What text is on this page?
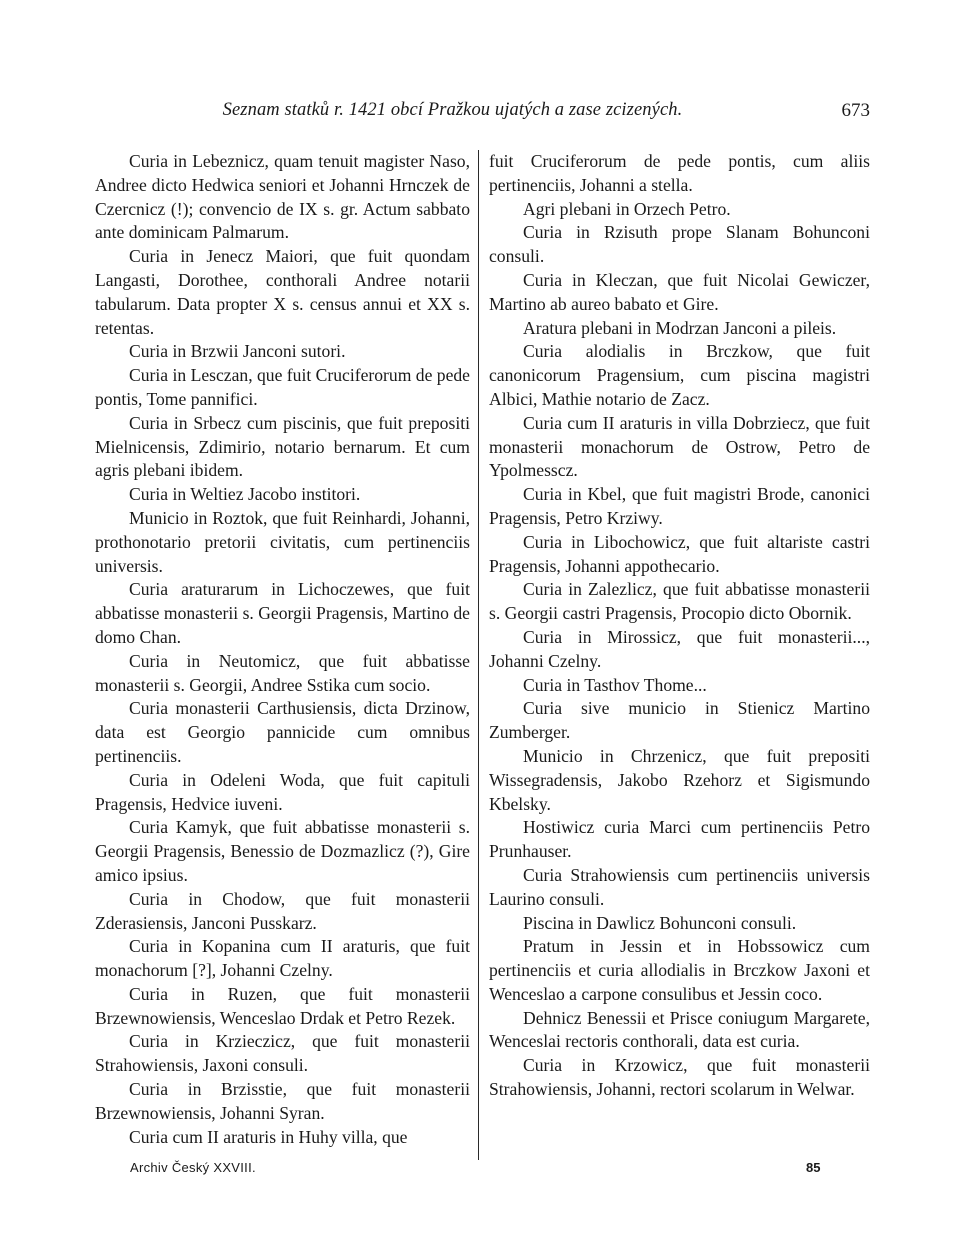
Seznam statků r. 1421 obcí Pražkou ujatých a zase zcizených.	673

Curia in Lebeznicz, quam tenuit magister Naso, Andree dicto Hedwica seniori et Johanni Hrnczek de Czercnicz (!); convencio de IX s. gr. Actum sabbato ante dominicam Palmarum.

Curia in Jenecz Maiori, que fuit quondam Langasti, Dorothee, conthorali Andree notarii tabularum. Data propter X s. census annui et XX s. retentas.

Curia in Brzwii Janconi sutori.

Curia in Lesczan, que fuit Cruciferorum de pede pontis, Tome pannifici.

Curia in Srbecz cum piscinis, que fuit prepositi Mielnicensis, Zdimirio, notario bernarum. Et cum agris plebani ibidem.

Curia in Weltiez Jacobo institori.

Municio in Roztok, que fuit Reinhardi, Johanni, prothonotario pretorii civitatis, cum pertinenciis universis.

Curia araturarum in Lichoczewes, que fuit abbatisse monasterii s. Georgii Pragensis, Martino de domo Chan.

Curia in Neutomicz, que fuit abbatisse monasterii s. Georgii, Andree Sstika cum socio.

Curia monasterii Carthusiensis, dicta Drzinow, data est Georgio pannicide cum omnibus pertinenciis.

Curia in Odeleni Woda, que fuit capituli Pragensis, Hedvice iuveni.

Curia Kamyk, que fuit abbatisse monasterii s. Georgii Pragensis, Benessio de Dozmazlicz (?), Gire amico ipsius.

Curia in Chodow, que fuit monasterii Zderasiensis, Janconi Pusskarz.

Curia in Kopanina cum II araturis, que fuit monachorum [?], Johanni Czelny.

Curia in Ruzen, que fuit monasterii Brzewnowiensis, Wenceslao Drdak et Petro Rezek.

Curia in Krzieczicz, que fuit monasterii Strahowiensis, Jaxoni consuli.

Curia in Brzisstie, que fuit monasterii Brzewnowiensis, Johanni Syran.

Curia cum II araturis in Huhy villa, que

fuit Cruciferorum de pede pontis, cum aliis pertinenciis, Johanni a stella.

Agri plebani in Orzech Petro.

Curia in Rzisuth prope Slanam Bohunconi consuli.

Curia in Kleczan, que fuit Nicolai Gewiczer, Martino ab aureo babato et Gire.

Aratura plebani in Modrzan Janconi a pileis.

Curia alodialis in Brczkow, que fuit canonicorum Pragensium, cum piscina magistri Albici, Mathie notario de Zacz.

Curia cum II araturis in villa Dobrziecz, que fuit monasterii monachorum de Ostrow, Petro de Ypolmesscz.

Curia in Kbel, que fuit magistri Brode, canonici Pragensis, Petro Krziwy.

Curia in Libochowicz, que fuit altariste castri Pragensis, Johanni appothecario.

Curia in Zalezlicz, que fuit abbatisse monasterii s. Georgii castri Pragensis, Procopio dicto Obornik.

Curia in Mirossicz, que fuit monasterii..., Johanni Czelny.

Curia in Tasthov Thome...

Curia sive municio in Stienicz Martino Zumberger.

Municio in Chrzenicz, que fuit prepositi Wissegradensis, Jakobo Rzehorz et Sigismundo Kbelsky.

Hostiwicz curia Marci cum pertinenciis Petro Prunhauser.

Curia Strahowiensis cum pertinenciis universis Laurino consuli.

Piscina in Dawlicz Bohunconi consuli.

Pratum in Jessin et in Hobssowicz cum pertinenciis et curia allodialis in Brczkow Jaxoni et Wenceslao a carpone consulibus et Jessin coco.

Dehnicz Benessii et Prisce coniugum Margarete, Wenceslai rectoris conthorali, data est curia.

Curia in Krzowicz, que fuit monasterii Strahowiensis, Johanni, rectori scolarum in Welwar.

Archiv Český XXVIII.	85
